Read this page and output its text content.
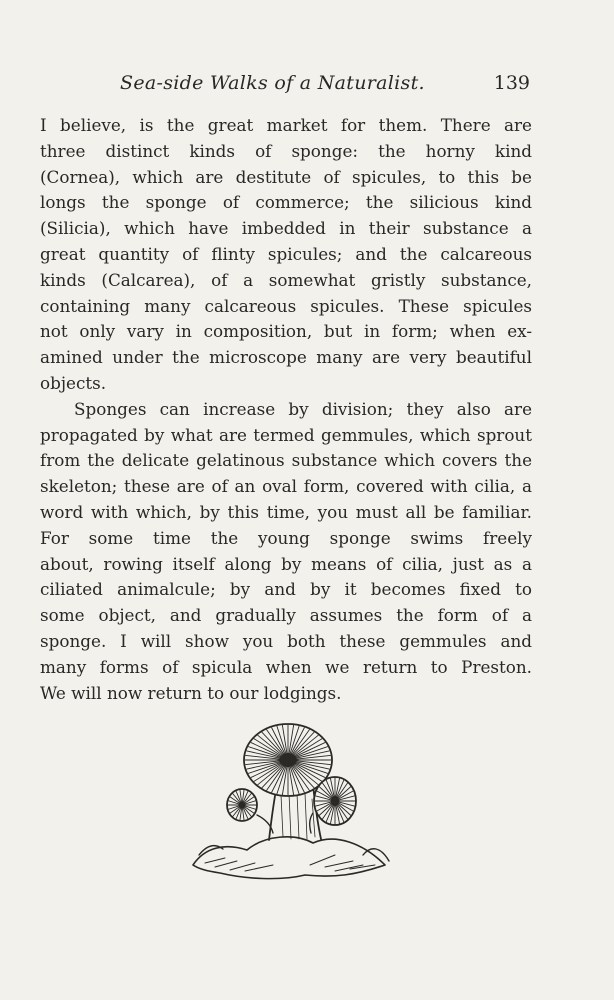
Sea-side Walks of a Naturalist.	139
I believe, is the great market for them. There are
three distinct kinds of sponge: the horny kind
(Cornea), which are destitute of spicules, to this be
longs the sponge of commerce; the silicious kind
(Silicia), which have imbedded in their substance a
great quantity of flinty spicules; and the calcareous
kinds (Calcarea), of a somewhat gristly substance,
containing many calcareous spicules. These spicules
not only vary in composition, but in form; when ex-
amined under the microscope many are very beautiful
objects.
Sponges can increase by division; they also are
propagated by what are termed gemmules, which sprout
from the delicate gelatinous substance which covers the
skeleton; these are of an oval form, covered with cilia, a
word with which, by this time, you must all be familiar.
For some time the young sponge swims freely
about, rowing itself along by means of cilia, just as a
ciliated animalcule; by and by it becomes fixed to
some object, and gradually assumes the form of a
sponge. I will show you both these gemmules and
many forms of spicula when we return to Preston.
We will now return to our lodgings.
